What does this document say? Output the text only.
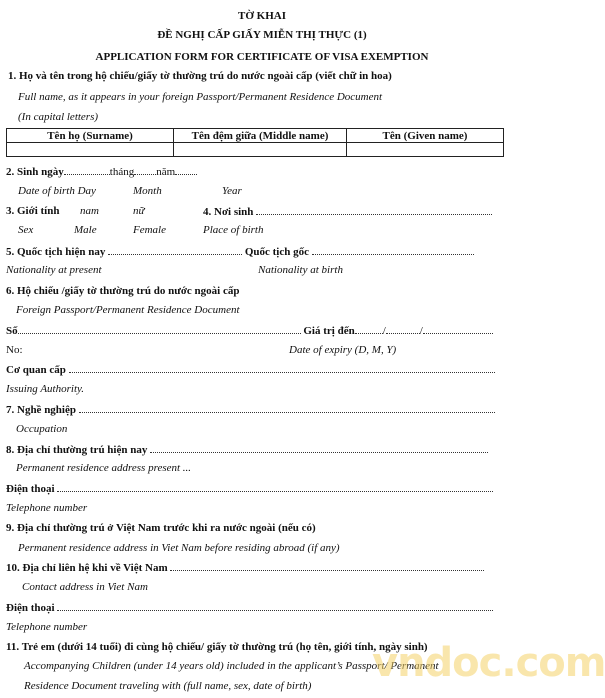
TỜ KHAI
ĐỀ NGHỊ CẤP GIẤY MIỄN THỊ THỰC (1)
APPLICATION FORM FOR CERTIFICATE OF VISA EXEMPTION
1. Họ và tên trong hộ chiếu/giấy tờ thường trú do nước ngoài cấp (viết chữ in hoa)
Full name, as it appears in your foreign Passport/Permanent Residence Document
(In capital letters)
Tên họ (Surname)	Tên đệm giữa (Middle name)	Tên (Given name)

2. Sinh ngày	tháng năm
Date of birth Day	Month	Year
3. Giới tính nam	nữ	4. Nơi sinh
Sex	Male	Female	Place of birth
5. Quốc tịch hiện nay	Quốc tịch gốc
Nationality at present	Nationality at birth
6. Hộ chiếu /giấy tờ thường trú do nước ngoài cấp
Foreign Passport/Permanent Residence Document
Số	Giá trị đến	/	/
No:	Date of expiry (D, M, Y)
Cơ quan cấp
Issuing Authority.
7. Nghề nghiệp
Occupation
8. Địa chỉ thường trú hiện nay
Permanent residence address present ...
Điện thoại
Telephone number
9. Địa chỉ thường trú ở Việt Nam trước khi ra nước ngoài (nếu có)
Permanent residence address in Viet Nam before residing abroad (if any)
10. Địa chỉ liên hệ khi về Việt Nam
Contact address in Viet Nam
Điện thoại
Telephone number
11. Trẻ em (dưới 14 tuổi) đi cùng hộ chiếu/ giấy tờ thường trú (họ tên, giới tính, ngày sinh)
Accompanying Children (under 14 years old) included in the applicant’s Passport/ Permanent
Residence Document traveling with (full name, sex, date of birth) vndoc.com
